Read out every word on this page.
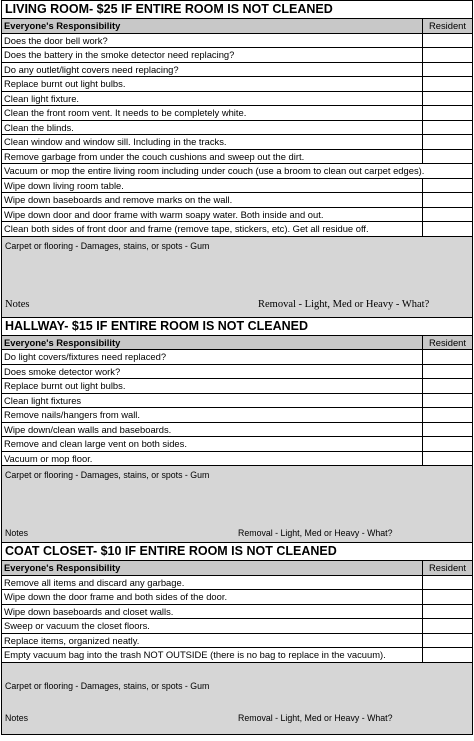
LIVING ROOM- $25 IF ENTIRE ROOM IS NOT CLEANED
Everyone's Responsibility	Resident
Does the door bell work?	
Does the battery in the smoke detector need replacing?	
Do any outlet/light covers need replacing?	
Replace burnt out light bulbs.	
Clean light fixture.	
Clean the front room vent. It needs to be completely white.	
Clean the blinds.	
Clean window and window sill. Including in the tracks.	
Remove garbage from under the couch cushions and sweep out the dirt.	
Vacuum or mop the entire living room including under couch (use a broom to clean out carpet edges).	
Wipe down living room table.	
Wipe down baseboards and remove marks on the wall.	
Wipe down door and door frame with warm soapy water. Both inside and out.	
Clean both sides of front door and frame (remove tape, stickers, etc). Get all residue off.	
Carpet or flooring - Damages, stains, or spots - Gum
Notes	Removal - Light, Med or Heavy - What?
HALLWAY- $15 IF ENTIRE ROOM IS NOT CLEANED
Everyone's Responsibility	Resident
Do light covers/fixtures need replaced?	
Does smoke detector work?	
Replace burnt out light bulbs.	
Clean light fixtures	
Remove nails/hangers from wall.	
Wipe down/clean walls and baseboards.	
Remove and clean large vent on both sides.	
Vacuum or mop floor.	
Carpet or flooring - Damages, stains, or spots - Gum
Notes	Removal - Light, Med or Heavy - What?
COAT CLOSET- $10 IF ENTIRE ROOM IS NOT CLEANED
Everyone's Responsibility	Resident
Remove all items and discard any garbage.	
Wipe down the door frame and both sides of the door.	
Wipe down baseboards and closet walls.	
Sweep or vacuum the closet floors.	
Replace items, organized neatly.	
Empty vacuum bag into the trash NOT OUTSIDE (there is no bag to replace in the vacuum).	
Carpet or flooring - Damages, stains, or spots - Gum
Notes	Removal - Light, Med or Heavy - What?
